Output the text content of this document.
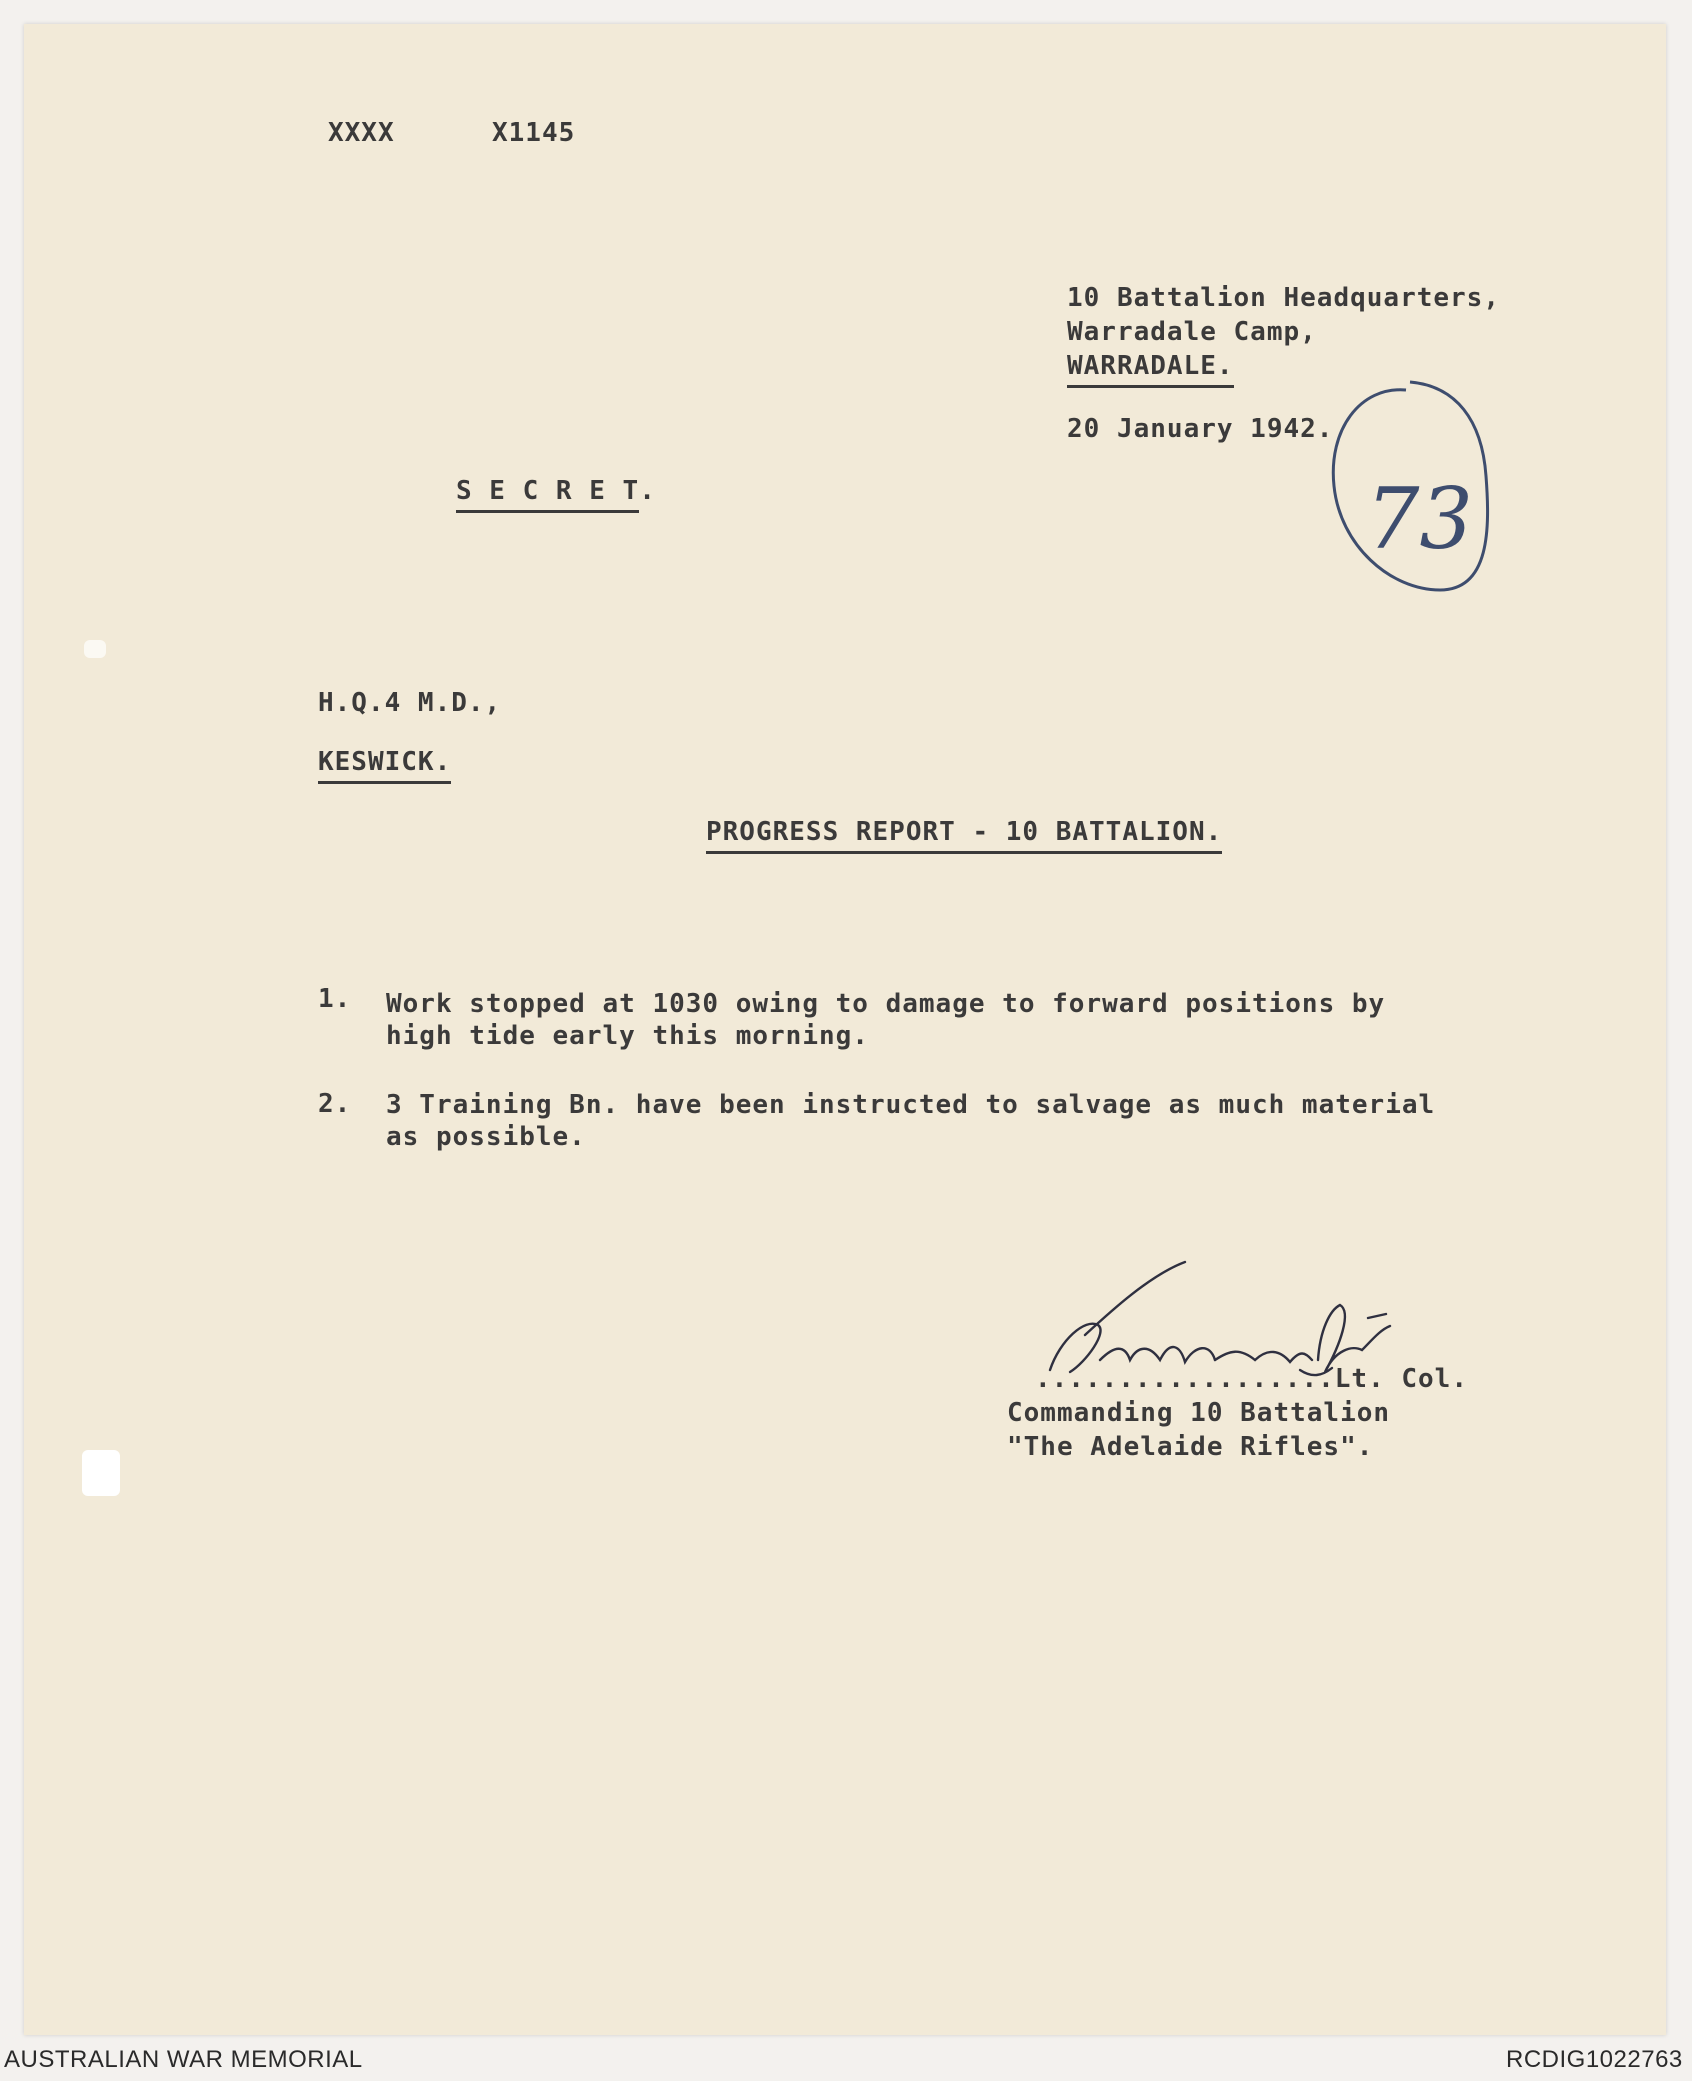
XXXX	X1145
10 Battalion Headquarters,
Warradale Camp,
WARRADALE.
20 January 1942.
S E C R E T.
H.Q.4 M.D.,
KESWICK.
PROGRESS REPORT - 10 BATTALION.
1. Work stopped at 1030 owing to damage to forward positions by
high tide early this morning.
2. 3 Training Bn. have been instructed to salvage as much material
as possible.
..................Lt. Col.
Commanding 10 Battalion
"The Adelaide Rifles".
73
AUSTRALIAN WAR MEMORIAL	RCDIG1022763
